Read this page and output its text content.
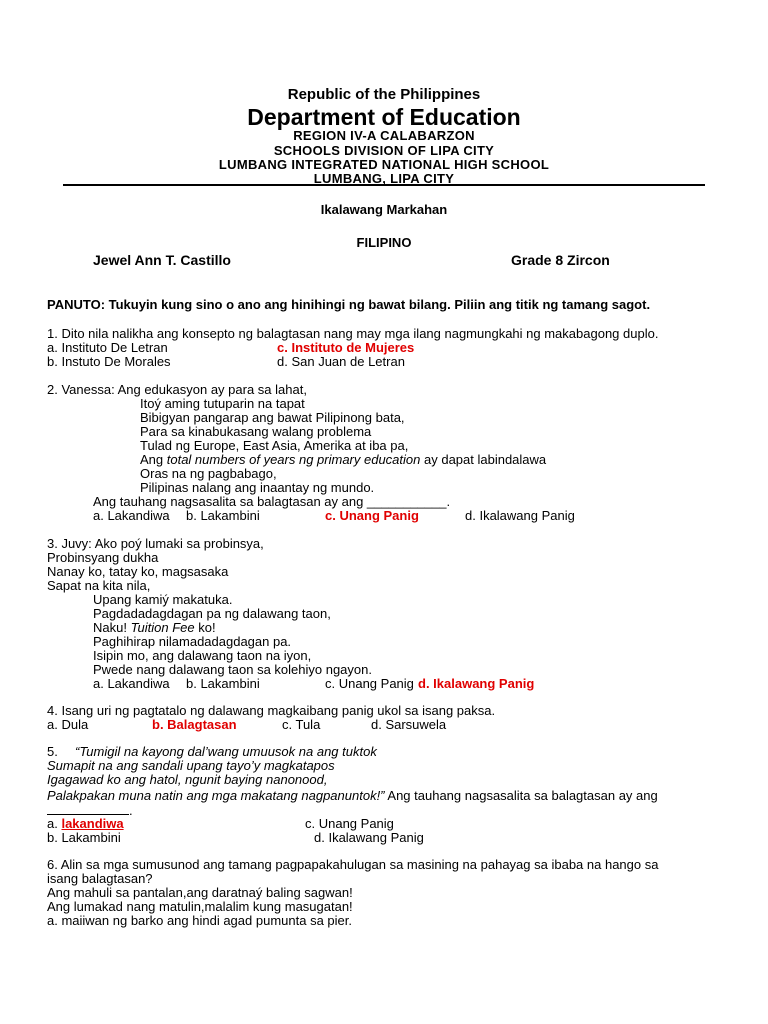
Republic of the Philippines
Department of Education
REGION IV-A CALABARZON
SCHOOLS DIVISION OF LIPA CITY
LUMBANG INTEGRATED NATIONAL HIGH SCHOOL
LUMBANG, LIPA CITY
Ikalawang Markahan
FILIPINO
Jewel Ann T. Castillo	Grade 8 Zircon
PANUTO: Tukuyin kung sino o ano ang hinihingi ng bawat bilang. Piliin ang titik ng tamang sagot.
1. Dito nila nalikha ang konsepto ng balagtasan nang may mga ilang nagmungkahi ng makabagong duplo.
a. Instituto De Letran	c. Instituto de Mujeres
b. Instuto De Morales	d. San Juan de Letran
2. Vanessa: Ang edukasyon ay para sa lahat,
Itoý aming tutuparin na tapat
Bibigyan pangarap ang bawat Pilipinong bata,
Para sa kinabukasang walang problema
Tulad ng Europe, East Asia, Amerika at iba pa,
Ang total numbers of years ng primary education ay dapat labindalawa
Oras na ng pagbabago,
Pilipinas nalang ang inaantay ng mundo.
Ang tauhang nagsasalita sa balagtasan ay ang ___________.
a. Lakandiwa b. Lakambini	c. Unang Panig	d. Ikalawang Panig
3. Juvy: Ako poý lumaki sa probinsya,
Probinsyang dukha
Nanay ko, tatay ko, magsasaka
Sapat na kita nila,
Upang kamiý makatuka.
Pagdadadagdagan pa ng dalawang taon,
Naku! Tuition Fee ko!
Paghihirap nilamadadagdagan pa.
Isipin mo, ang dalawang taon na iyon,
Pwede nang dalawang taon sa kolehiyo ngayon.
a. Lakandiwa b. Lakambini	c. Unang Panig d. Ikalawang Panig
4. Isang uri ng pagtatalo ng dalawang magkaibang panig ukol sa isang paksa.
a. Dula	b. Balagtasan	c. Tula	d. Sarsuwela
5. “Tumigil na kayong dal’wang umuusok na ang tuktok
Sumapit na ang sandali upang tayo’y magkatapos
Igagawad ko ang hatol, ngunit baying nanonood,
Palakpakan muna natin ang mga makatang nagpanuntok!” Ang tauhang nagsasalita sa balagtasan ay ang
.
a. lakandiwa	c. Unang Panig
b. Lakambini	d. Ikalawang Panig
6. Alin sa mga sumusunod ang tamang pagpapakahulugan sa masining na pahayag sa ibaba na hango sa
isang balagtasan?
Ang mahuli sa pantalan,ang daratnaý baling sagwan!
Ang lumakad nang matulin,malalim kung masugatan!
a. maiiwan ng barko ang hindi agad pumunta sa pier.
